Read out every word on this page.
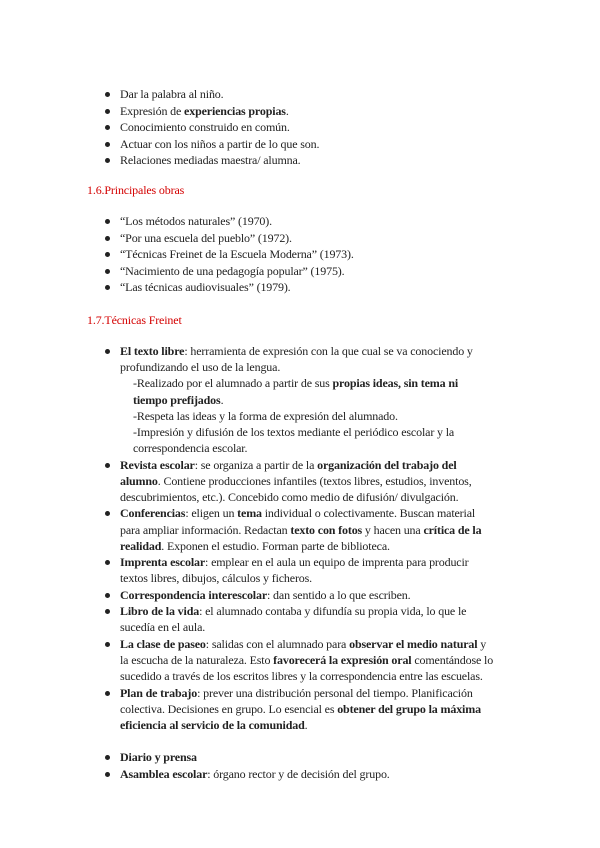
Dar la palabra al niño.
Expresión de experiencias propias.
Conocimiento construido en común.
Actuar con los niños a partir de lo que son.
Relaciones mediadas maestra/ alumna.
1.6.Principales obras
“Los métodos naturales” (1970).
“Por una escuela del pueblo” (1972).
“Técnicas Freinet de la Escuela Moderna” (1973).
“Nacimiento de una pedagogía popular” (1975).
“Las técnicas audiovisuales” (1979).
1.7.Técnicas Freinet
El texto libre: herramienta de expresión con la que cual se va conociendo y profundizando el uso de la lengua.
-Realizado por el alumnado a partir de sus propias ideas, sin tema ni tiempo prefijados.
-Respeta las ideas y la forma de expresión del alumnado.
-Impresión y difusión de los textos mediante el periódico escolar y la correspondencia escolar.
Revista escolar: se organiza a partir de la organización del trabajo del alumno. Contiene producciones infantiles (textos libres, estudios, inventos, descubrimientos, etc.). Concebido como medio de difusión/ divulgación.
Conferencias: eligen un tema individual o colectivamente. Buscan material para ampliar información. Redactan texto con fotos y hacen una crítica de la realidad. Exponen el estudio. Forman parte de biblioteca.
Imprenta escolar: emplear en el aula un equipo de imprenta para producir textos libres, dibujos, cálculos y ficheros.
Correspondencia interescolar: dan sentido a lo que escriben.
Libro de la vida: el alumnado contaba y difundía su propia vida, lo que le sucedía en el aula.
La clase de paseo: salidas con el alumnado para observar el medio natural y la escucha de la naturaleza. Esto favorecerá la expresión oral comentándose lo sucedido a través de los escritos libres y la correspondencia entre las escuelas.
Plan de trabajo: prever una distribución personal del tiempo. Planificación colectiva. Decisiones en grupo. Lo esencial es obtener del grupo la máxima eficiencia al servicio de la comunidad.
Diario y prensa
Asamblea escolar: órgano rector y de decisión del grupo.
